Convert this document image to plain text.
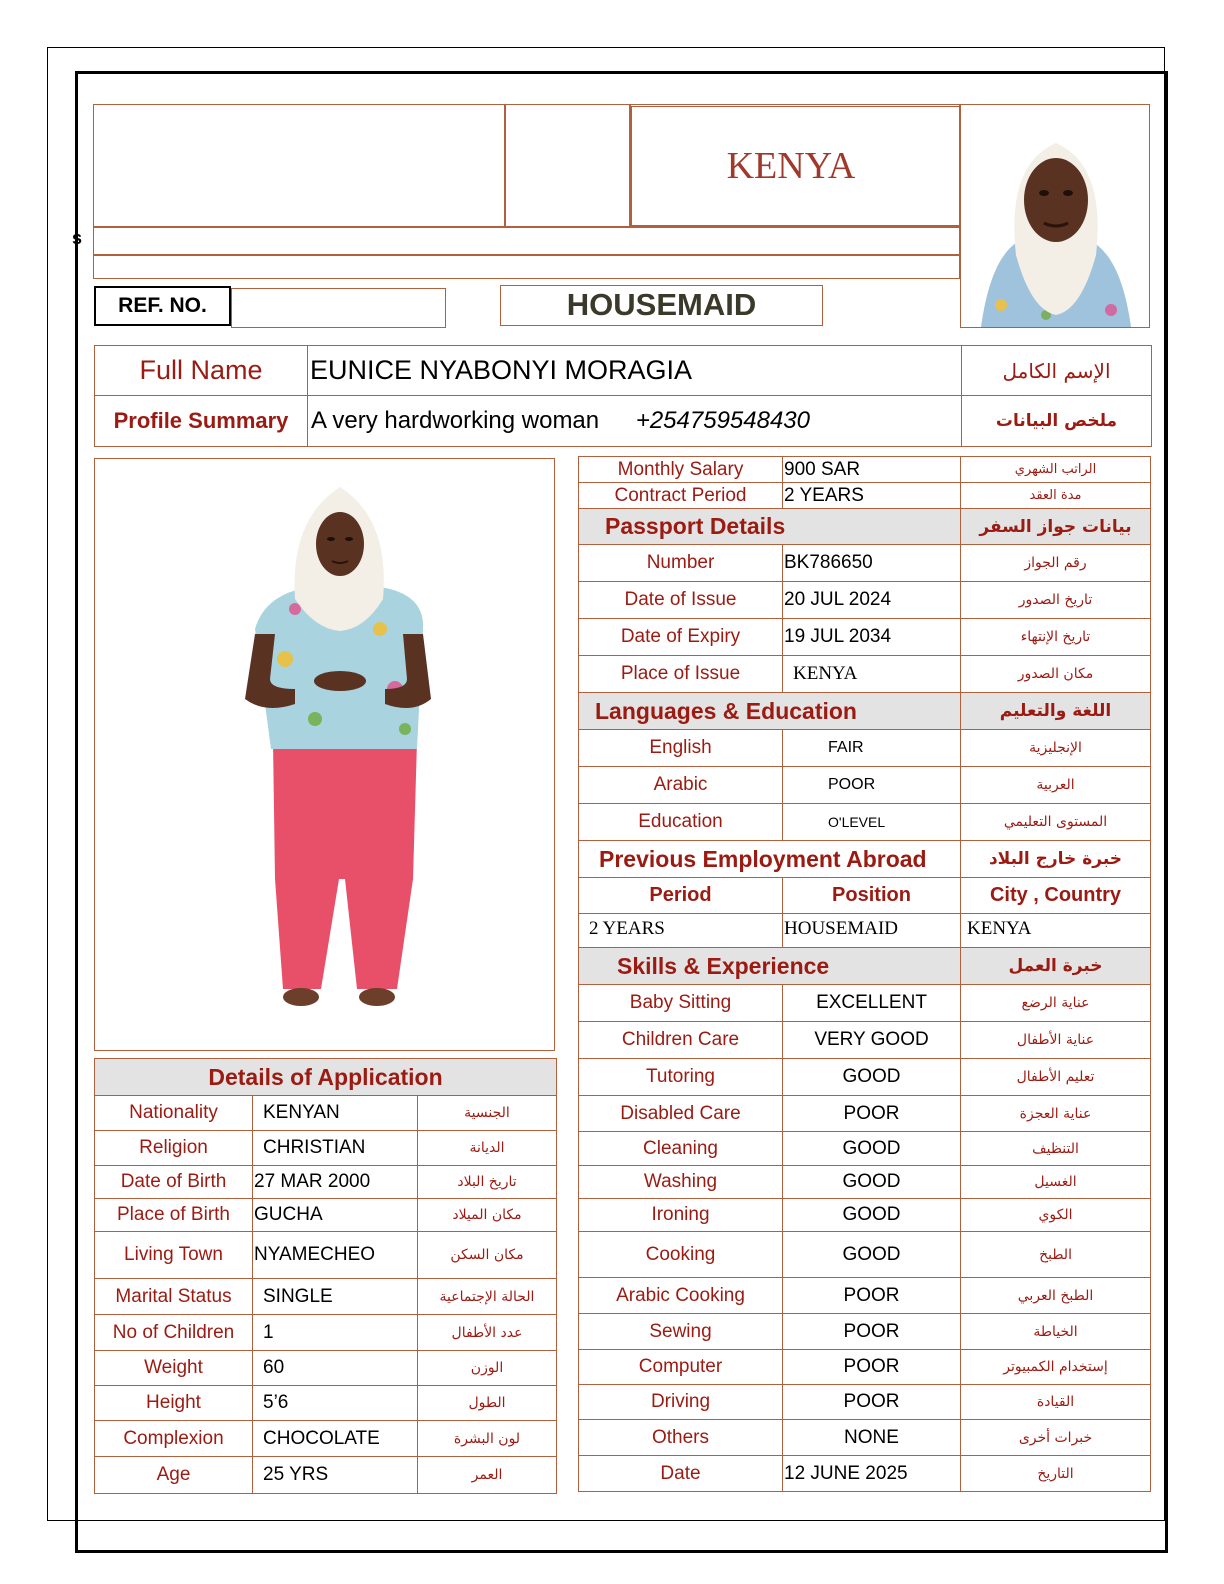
s
KENYA
REF. NO.	HOUSEMAID
Full Name	EUNICE NYABONYI MORAGIA	الإسم الكامل
Profile Summary	A very hardworking woman +254759548430	ملخص البيانات
Details of Application		
Nationality	KENYAN	الجنسية
Religion	CHRISTIAN	الديانة
Date of Birth	27 MAR 2000	تاريخ البلاد
Place of Birth	GUCHA	مكان الميلاد
Living Town	NYAMECHEO	مكان السكن
Marital Status	SINGLE	الحالة الإجتماعية
No of Children	1	عدد الأطفال
Weight	60	الوزن
Height	5’6	الطول
Complexion	CHOCOLATE	لون البشرة
Age	25 YRS	العمر
Monthly Salary	900 SAR	الراتب الشهري
Contract Period	2 YEARS	مدة العقد
Passport Details		بيانات جواز السفر
Number	BK786650	رقم الجواز
Date of Issue	20 JUL 2024	تاريخ الصدور
Date of Expiry	19 JUL 2034	تاريخ الإنتهاء
Place of Issue	KENYA	مكان الصدور
Languages & Education		اللغة والتعليم
English	FAIR	الإنجليزية
Arabic	POOR	العربية
Education	O'LEVEL	المستوى التعليمي
Previous Employment Abroad		خبرة خارج البلاد
Period	Position	City , Country
2 YEARS	HOUSEMAID	KENYA
Skills & Experience		خبرة العمل
Baby Sitting	EXCELLENT	عناية الرضع
Children Care	VERY GOOD	عناية الأطفال
Tutoring	GOOD	تعليم الأطفال
Disabled Care	POOR	عناية العجزة
Cleaning	GOOD	التنظيف
Washing	GOOD	الغسيل
Ironing	GOOD	الكوي
Cooking	GOOD	الطبخ
Arabic Cooking	POOR	الطبخ العربي
Sewing	POOR	الخياطة
Computer	POOR	إستخدام الكمبيوتر
Driving	POOR	القيادة
Others	NONE	خبرات أخرى
Date	12 JUNE 2025	التاريخ
